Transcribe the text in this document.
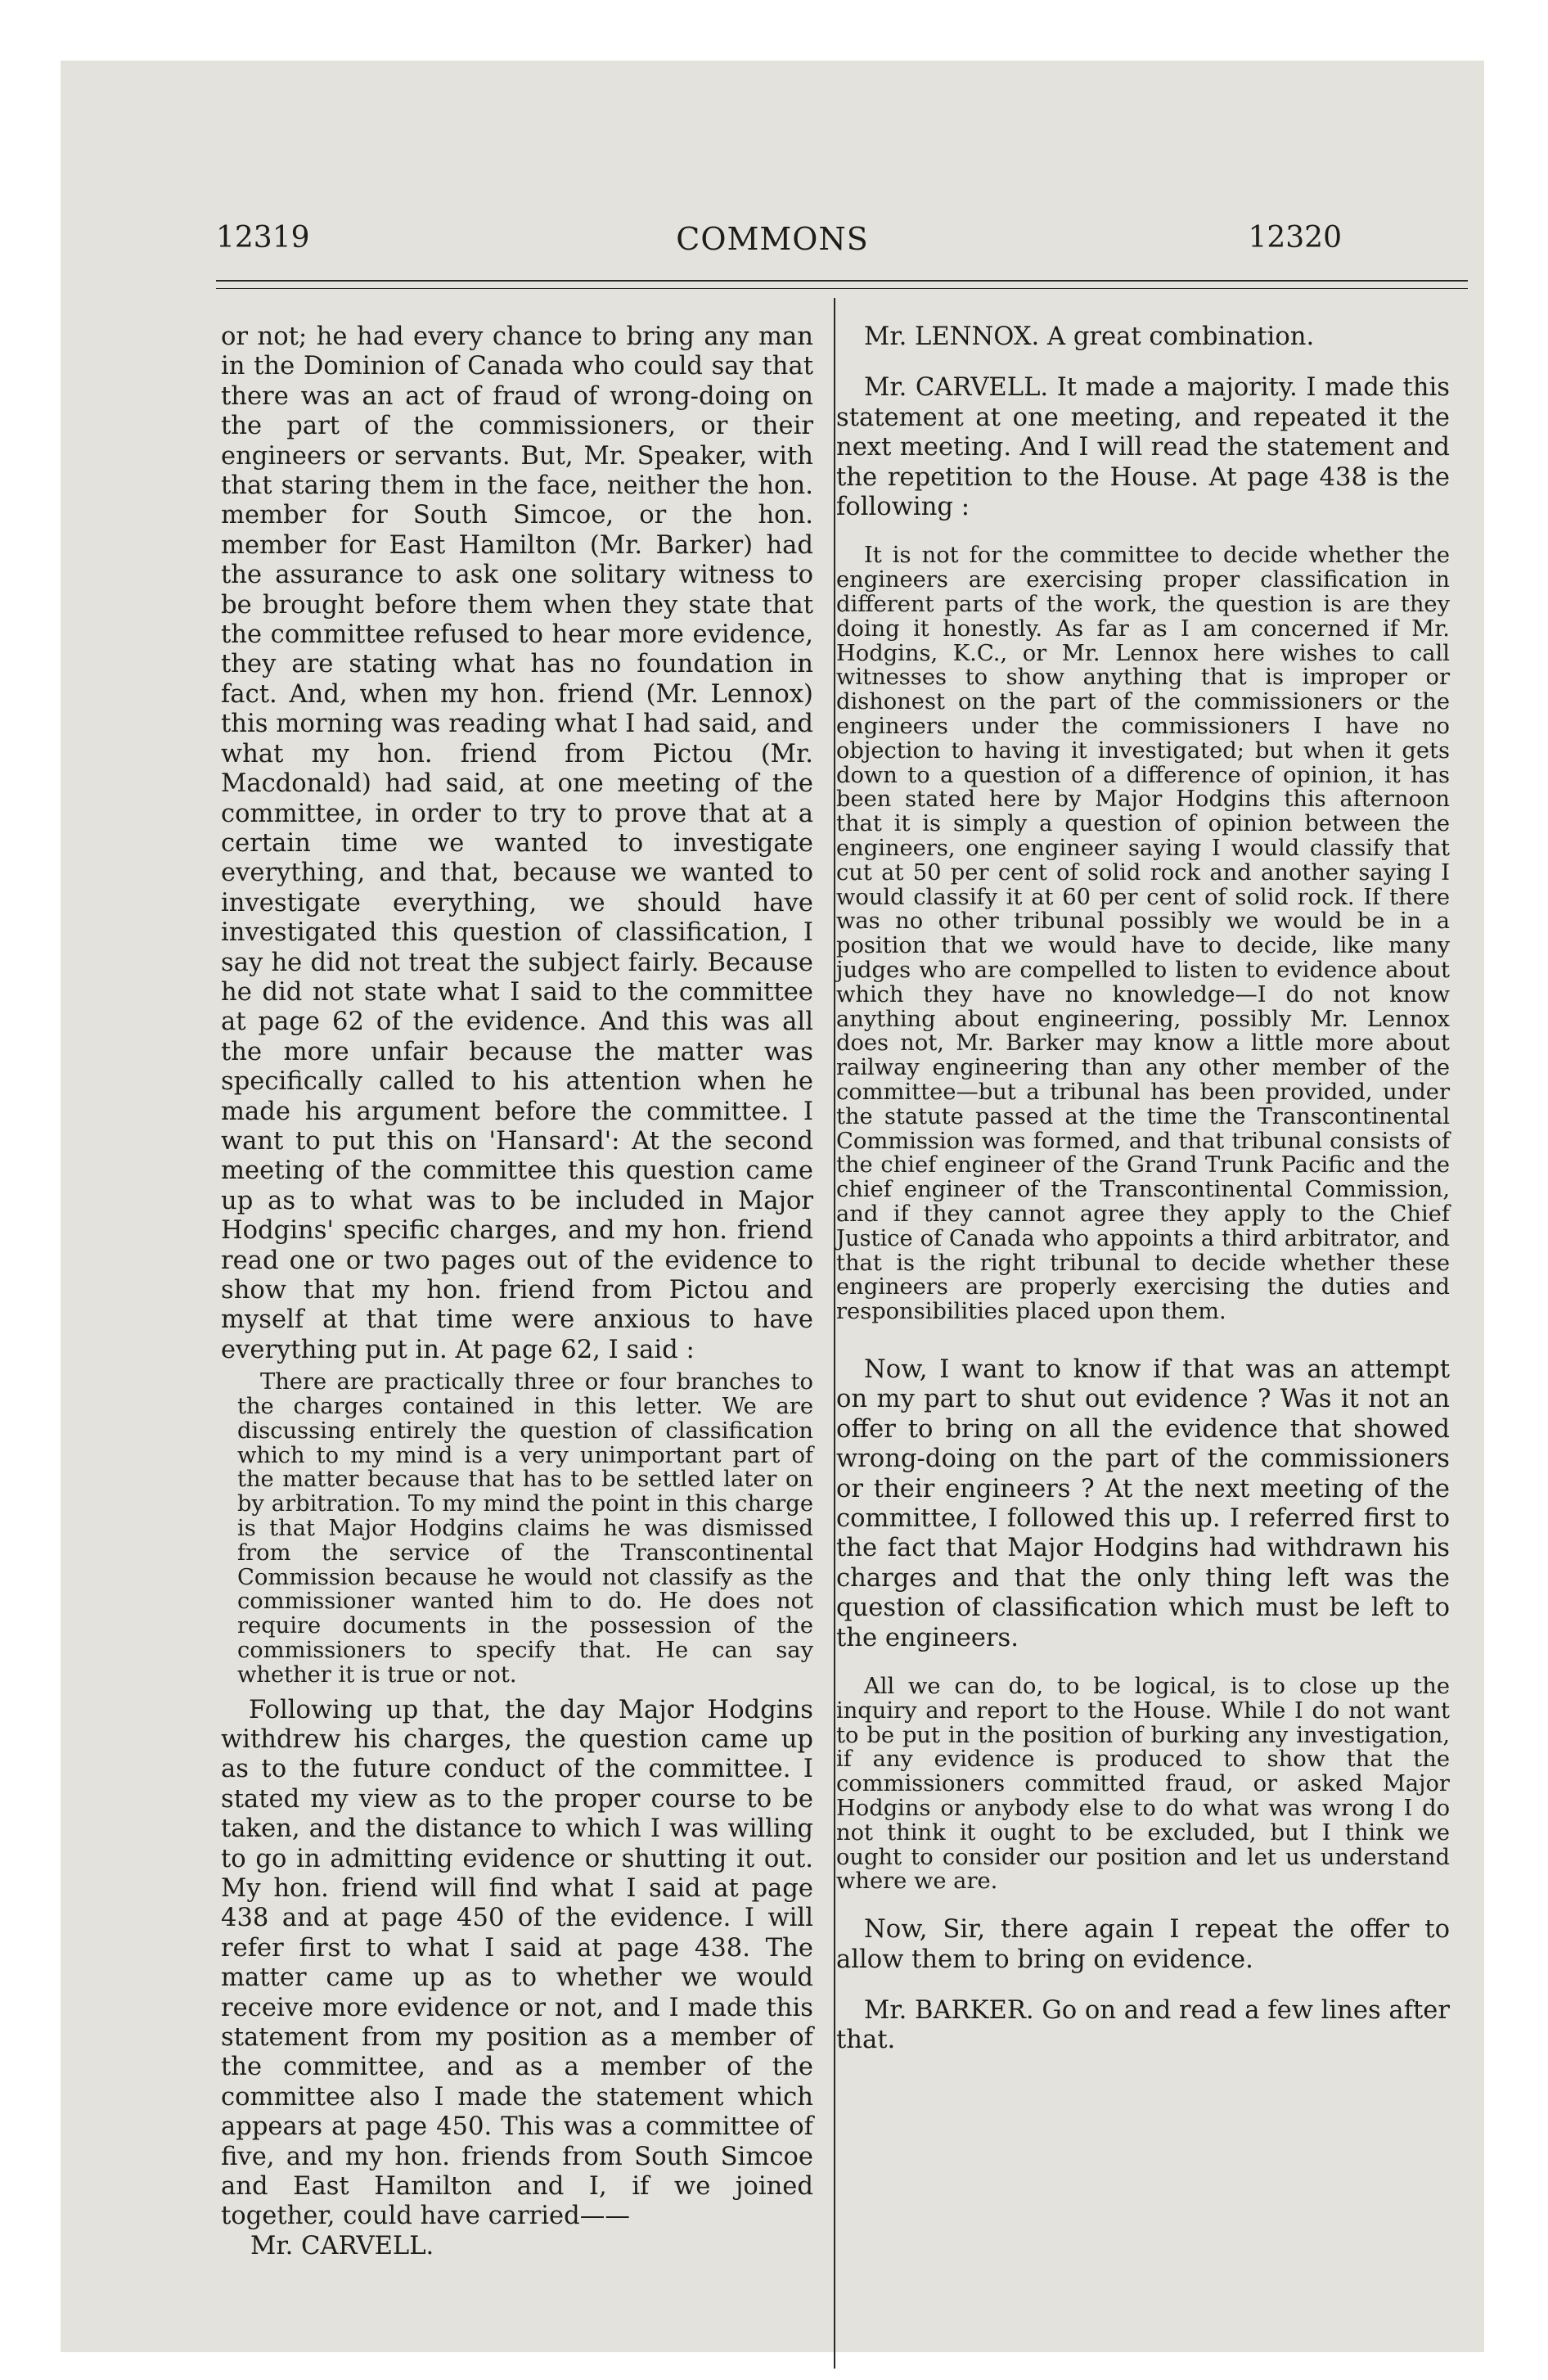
12319	COMMONS	12320

or not; he had every chance to bring any man in the Dominion of Canada who could say that there was an act of fraud of wrong-doing on the part of the commissioners, or their engineers or servants. But, Mr. Speaker, with that staring them in the face, neither the hon. member for South Simcoe, or the hon. member for East Hamilton (Mr. Barker) had the assurance to ask one solitary witness to be brought before them when they state that the committee refused to hear more evidence, they are stating what has no foundation in fact. And, when my hon. friend (Mr. Lennox) this morning was reading what I had said, and what my hon. friend from Pictou (Mr. Macdonald) had said, at one meeting of the committee, in order to try to prove that at a certain time we wanted to investigate everything, and that, because we wanted to investigate everything, we should have investigated this question of classification, I say he did not treat the subject fairly. Because he did not state what I said to the committee at page 62 of the evidence. And this was all the more unfair because the matter was specifically called to his attention when he made his argument before the committee. I want to put this on 'Hansard': At the second meeting of the committee this question came up as to what was to be included in Major Hodgins' specific charges, and my hon. friend read one or two pages out of the evidence to show that my hon. friend from Pictou and myself at that time were anxious to have everything put in. At page 62, I said :

There are practically three or four branches to the charges contained in this letter. We are discussing entirely the question of classification which to my mind is a very unimportant part of the matter because that has to be settled later on by arbitration. To my mind the point in this charge is that Major Hodgins claims he was dismissed from the service of the Transcontinental Commission because he would not classify as the commissioner wanted him to do. He does not require documents in the possession of the commissioners to specify that. He can say whether it is true or not.

Following up that, the day Major Hodgins withdrew his charges, the question came up as to the future conduct of the committee. I stated my view as to the proper course to be taken, and the distance to which I was willing to go in admitting evidence or shutting it out. My hon. friend will find what I said at page 438 and at page 450 of the evidence. I will refer first to what I said at page 438. The matter came up as to whether we would receive more evidence or not, and I made this statement from my position as a member of the committee, and as a member of the committee also I made the statement which appears at page 450. This was a committee of five, and my hon. friends from South Simcoe and East Hamilton and I, if we joined together, could have carried——

Mr. CARVELL.

Mr. LENNOX. A great combination.

Mr. CARVELL. It made a majority. I made this statement at one meeting, and repeated it the next meeting. And I will read the statement and the repetition to the House. At page 438 is the following :

It is not for the committee to decide whether the engineers are exercising proper classification in different parts of the work, the question is are they doing it honestly. As far as I am concerned if Mr. Hodgins, K.C., or Mr. Lennox here wishes to call witnesses to show anything that is improper or dishonest on the part of the commissioners or the engineers under the commissioners I have no objection to having it investigated; but when it gets down to a question of a difference of opinion, it has been stated here by Major Hodgins this afternoon that it is simply a question of opinion between the engineers, one engineer saying I would classify that cut at 50 per cent of solid rock and another saying I would classify it at 60 per cent of solid rock. If there was no other tribunal possibly we would be in a position that we would have to decide, like many judges who are compelled to listen to evidence about which they have no knowledge—I do not know anything about engineering, possibly Mr. Lennox does not, Mr. Barker may know a little more about railway engineering than any other member of the committee—but a tribunal has been provided, under the statute passed at the time the Transcontinental Commission was formed, and that tribunal consists of the chief engineer of the Grand Trunk Pacific and the chief engineer of the Transcontinental Commission, and if they cannot agree they apply to the Chief Justice of Canada who appoints a third arbitrator, and that is the right tribunal to decide whether these engineers are properly exercising the duties and responsibilities placed upon them.

Now, I want to know if that was an attempt on my part to shut out evidence ? Was it not an offer to bring on all the evidence that showed wrong-doing on the part of the commissioners or their engineers ? At the next meeting of the committee, I followed this up. I referred first to the fact that Major Hodgins had withdrawn his charges and that the only thing left was the question of classification which must be left to the engineers.

All we can do, to be logical, is to close up the inquiry and report to the House. While I do not want to be put in the position of burking any investigation, if any evidence is produced to show that the commissioners committed fraud, or asked Major Hodgins or anybody else to do what was wrong I do not think it ought to be excluded, but I think we ought to consider our position and let us understand where we are.

Now, Sir, there again I repeat the offer to allow them to bring on evidence.

Mr. BARKER. Go on and read a few lines after that.
